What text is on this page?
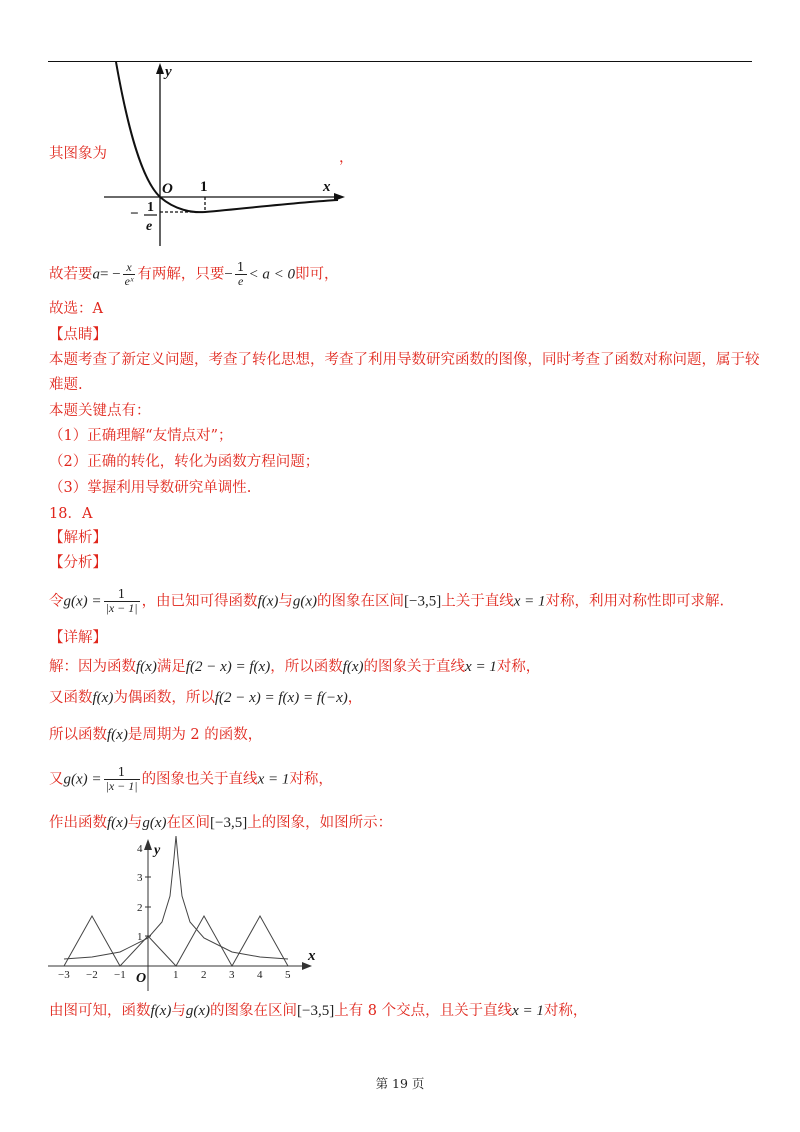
y
x
O 1
− 1
e
其图象为	，
故若要$a= - \frac{x}{\text{eˣ}}$ 有两解，只要− $\frac{1}{e} < a < 0$即可，
故选：A
【点睛】
本题考查了新定义问题，考查了转化思想，考查了利用导数研究函数的图像，同时考查了函数对称问题，属于较
难题.
本题关键点有：
（1）正确理解“友情点对”；
（2）正确的转化，转化为函数方程问题；
（3）掌握利用导数研究单调性.
18．A
【解析】
【分析】
令$g(x) = \frac{1}{|x - 1|}$ ，由已知可得函数f(x)与g(x)的图象在区间[−3,5]上关于直线x = 1对称，利用对称性即可求解.
【详解】
解：因为函数f(x)满足f(2 − x) = f(x)，所以函数f(x)的图象关于直线x = 1对称，
又函数f(x)为偶函数，所以f(2 − x) = f(x) = f(−x)，
所以函数f(x)是周期为 2 的函数，
又$g(x) = \frac{1}{|x - 1|}$ 的图象也关于直线x = 1对称，
作出函数f(x)与g(x)在区间[−3,5]上的图象，如图所示：
y
x
O
4
3
2
1
−3 −2 −1	1 2 3 4 5
由图可知，函数f(x)与g(x)的图象在区间[−3,5]上有 8 个交点，且关于直线x = 1对称，
第 19 页
